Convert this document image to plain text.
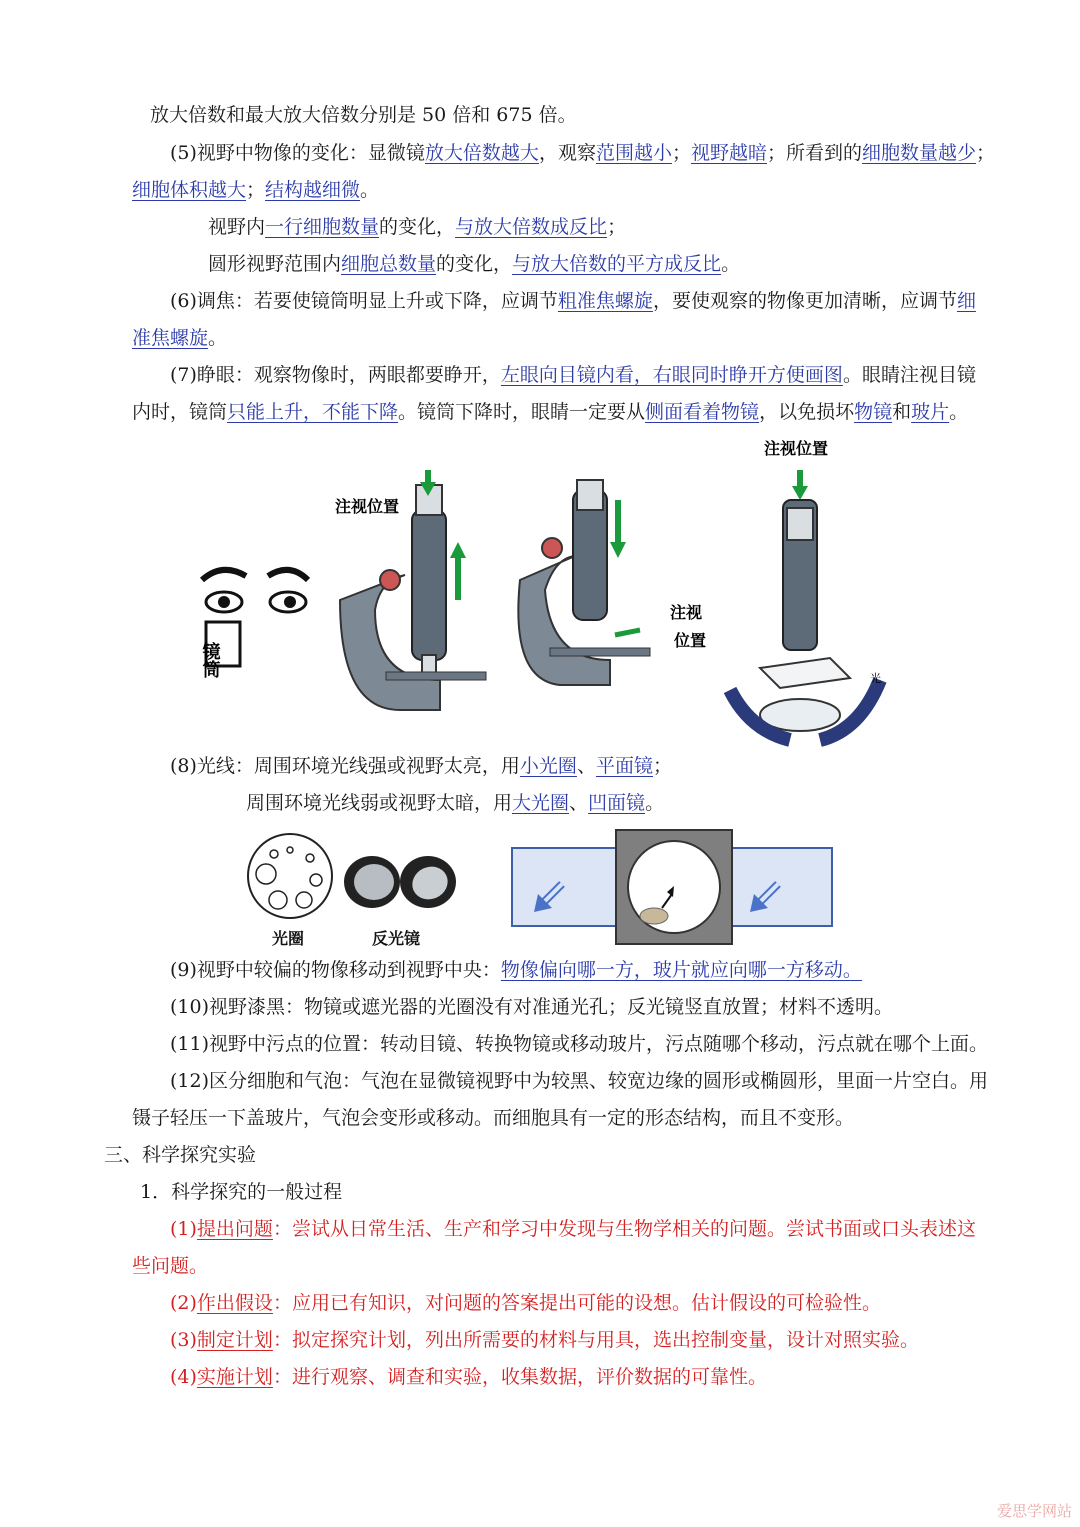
放大倍数和最大放大倍数分别是 50 倍和 675 倍。
(5)视野中物像的变化：显微镜放大倍数越大，观察范围越小；视野越暗；所看到的细胞数量越少；
细胞体积越大；结构越细微。
视野内一行细胞数量的变化，与放大倍数成反比；
圆形视野范围内细胞总数量的变化，与放大倍数的平方成反比。
(6)调焦：若要使镜筒明显上升或下降，应调节粗准焦螺旋，要使观察的物像更加清晰，应调节细
准焦螺旋。
(7)睁眼：观察物像时，两眼都要睁开，左眼向目镜内看，右眼同时睁开方便画图。眼睛注视目镜
内时，镜筒只能上升，不能下降。镜筒下降时，眼睛一定要从侧面看着物镜，以免损坏物镜和玻片。
镜筒
注视位置
注视
位置
注视位置
光
(8)光线：周围环境光线强或视野太亮，用小光圈、平面镜；
周围环境光线弱或视野太暗，用大光圈、凹面镜。
光圈	反光镜
(9)视野中较偏的物像移动到视野中央：物像偏向哪一方，玻片就应向哪一方移动。
(10)视野漆黑：物镜或遮光器的光圈没有对准通光孔；反光镜竖直放置；材料不透明。
(11)视野中污点的位置：转动目镜、转换物镜或移动玻片，污点随哪个移动，污点就在哪个上面。
(12)区分细胞和气泡：气泡在显微镜视野中为较黑、较宽边缘的圆形或椭圆形，里面一片空白。用
镊子轻压一下盖玻片，气泡会变形或移动。而细胞具有一定的形态结构，而且不变形。
三、科学探究实验
1．科学探究的一般过程
(1)提出问题：尝试从日常生活、生产和学习中发现与生物学相关的问题。尝试书面或口头表述这
些问题。
(2)作出假设：应用已有知识，对问题的答案提出可能的设想。估计假设的可检验性。
(3)制定计划：拟定探究计划，列出所需要的材料与用具，选出控制变量，设计对照实验。
(4)实施计划：进行观察、调查和实验，收集数据，评价数据的可靠性。
爱思学网站
